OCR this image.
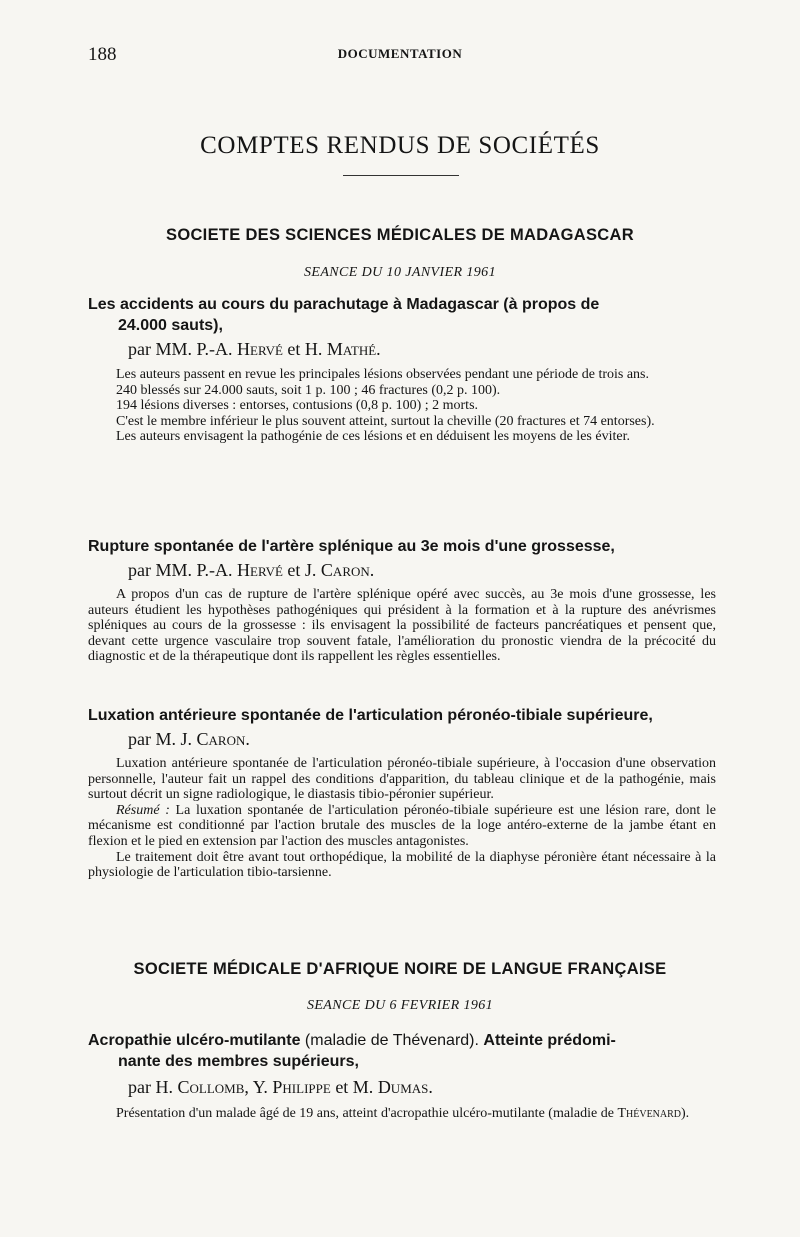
188	DOCUMENTATION
COMPTES RENDUS DE SOCIÉTÉS
SOCIETE DES SCIENCES MÉDICALES DE MADAGASCAR
SEANCE DU 10 JANVIER 1961
Les accidents au cours du parachutage à Madagascar (à propos de
24.000 sauts),
par MM. P.-A. Hervé et H. Mathé.

Les auteurs passent en revue les principales lésions observées pendant une période de trois ans.

240 blessés sur 24.000 sauts, soit 1 p. 100 ; 46 fractures (0,2 p. 100).

194 lésions diverses : entorses, contusions (0,8 p. 100) ; 2 morts.

C'est le membre inférieur le plus souvent atteint, surtout la cheville (20 fractures et 74 entorses).

Les auteurs envisagent la pathogénie de ces lésions et en déduisent les moyens de les éviter.

Rupture spontanée de l'artère splénique au 3e mois d'une grossesse,
par MM. P.-A. Hervé et J. Caron.

A propos d'un cas de rupture de l'artère splénique opéré avec succès, au 3e mois d'une grossesse, les auteurs étudient les hypothèses pathogéniques qui président à la formation et à la rupture des anévrismes spléniques au cours de la grossesse : ils envisagent la possibilité de facteurs pancréatiques et pensent que, devant cette urgence vasculaire trop souvent fatale, l'amélioration du pronostic viendra de la précocité du diagnostic et de la thérapeutique dont ils rappellent les règles essentielles.

Luxation antérieure spontanée de l'articulation péronéo-tibiale supérieure,
par M. J. Caron.

Luxation antérieure spontanée de l'articulation péronéo-tibiale supérieure, à l'occasion d'une observation personnelle, l'auteur fait un rappel des conditions d'apparition, du tableau clinique et de la pathogénie, mais surtout décrit un signe radiologique, le diastasis tibio-péronier supérieur.

Résumé : La luxation spontanée de l'articulation péronéo-tibiale supérieure est une lésion rare, dont le mécanisme est conditionné par l'action brutale des muscles de la loge antéro-externe de la jambe étant en flexion et le pied en extension par l'action des muscles antagonistes.

Le traitement doit être avant tout orthopédique, la mobilité de la diaphyse péronière étant nécessaire à la physiologie de l'articulation tibio-tarsienne.

SOCIETE MÉDICALE D'AFRIQUE NOIRE DE LANGUE FRANÇAISE
SEANCE DU 6 FEVRIER 1961
Acropathie ulcéro-mutilante (maladie de Thévenard). Atteinte prédomi-
nante des membres supérieurs,
par H. Collomb, Y. Philippe et M. Dumas.

Présentation d'un malade âgé de 19 ans, atteint d'acropathie ulcéro-mutilante (maladie de Thévenard).
